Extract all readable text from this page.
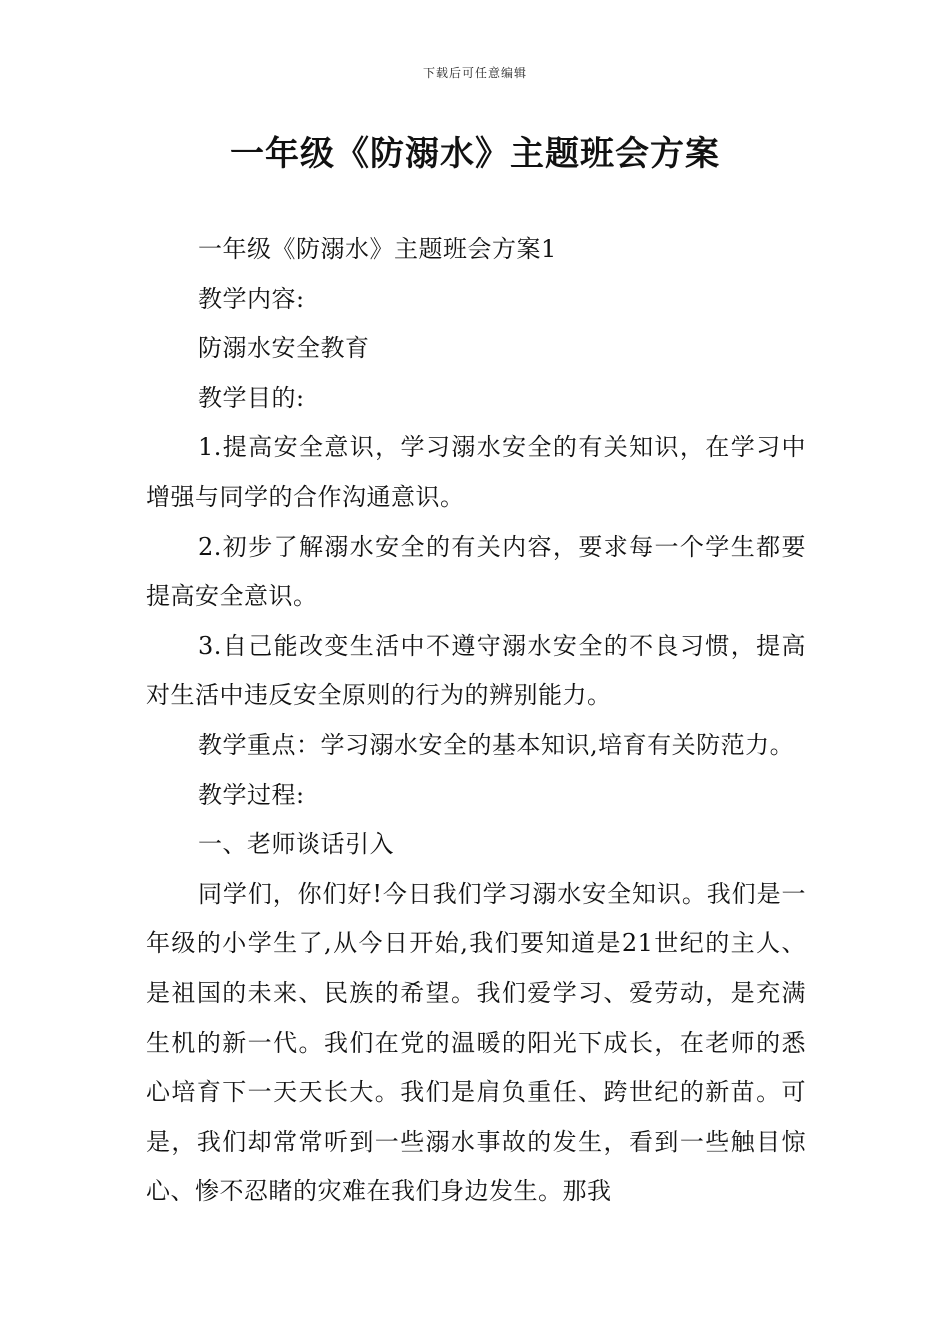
下载后可任意编辑
一年级《防溺水》主题班会方案

一年级《防溺水》主题班会方案1

教学内容:

防溺水安全教育

教学目的:

1.提高安全意识，学习溺水安全的有关知识，在学习中增强与同学的合作沟通意识。

2.初步了解溺水安全的有关内容，要求每一个学生都要提高安全意识。

3.自己能改变生活中不遵守溺水安全的不良习惯，提高对生活中违反安全原则的行为的辨别能力。

教学重点：学习溺水安全的基本知识,培育有关防范力。

教学过程:

一、老师谈话引入

同学们，你们好!今日我们学习溺水安全知识。我们是一年级的小学生了,从今日开始,我们要知道是21世纪的主人、是祖国的未来、民族的希望。我们爱学习、爱劳动，是充满生机的新一代。我们在党的温暖的阳光下成长，在老师的悉心培育下一天天长大。我们是肩负重任、跨世纪的新苗。可是，我们却常常听到一些溺水事故的发生，看到一些触目惊心、惨不忍睹的灾难在我们身边发生。那我
